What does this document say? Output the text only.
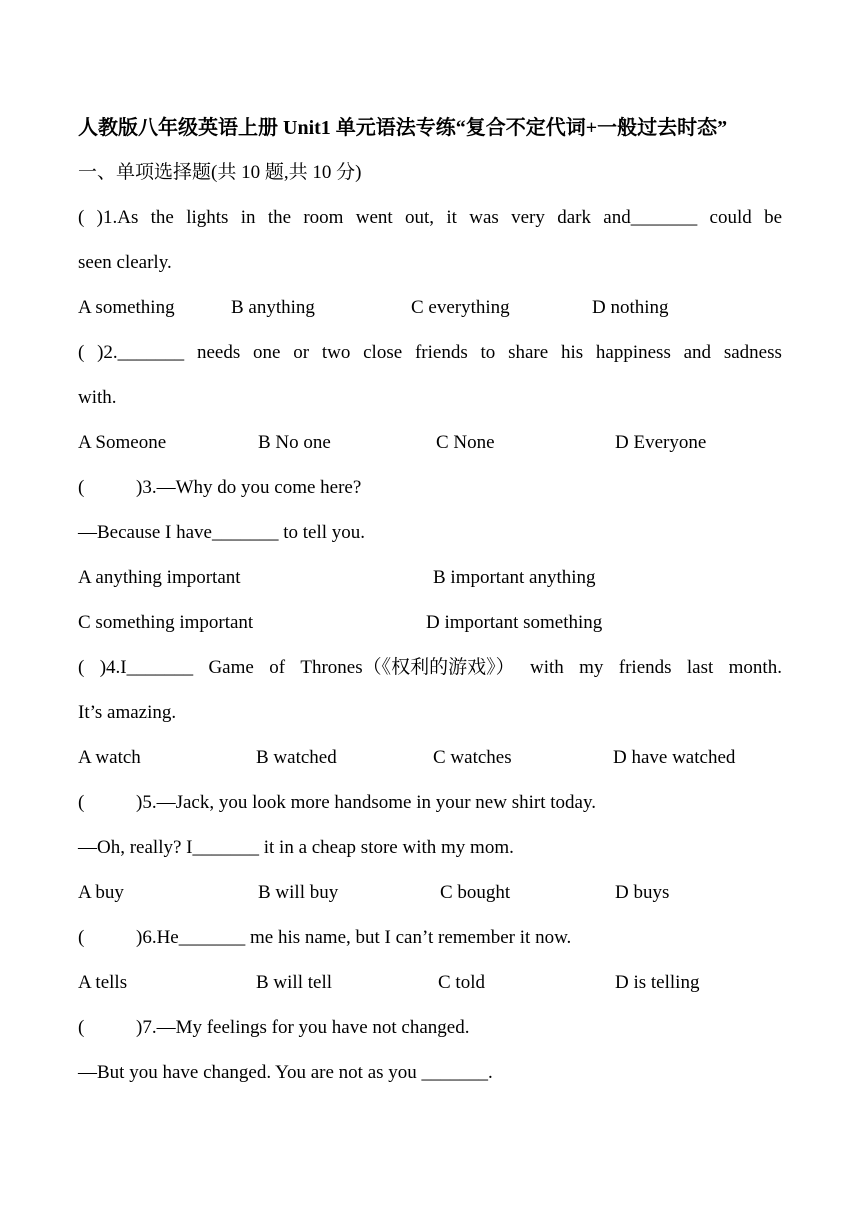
人教版八年级英语上册 Unit1 单元语法专练“复合不定代词+一般过去时态”
一、单项选择题(共 10 题,共 10 分)
( )1.As the lights in the room went out, it was very dark and_______ could be
seen clearly.
A something	B anything	C everything	D nothing
( )2._______ needs one or two close friends to share his happiness and sadness
with.
A Someone	B No one	C None	D Everyone
(	)3.—Why do you come here?
—Because I have_______ to tell you.
A anything important	B important anything
C something important	D important something
( )4.I_______ Game of Thrones（《权利的游戏》） with my friends last month.
It’s amazing.
A watch	B watched	C watches	D have watched
(	)5.—Jack, you look more handsome in your new shirt today.
—Oh, really? I_______ it in a cheap store with my mom.
A buy	B will buy	C bought	D buys
(	)6.He_______ me his name, but I can’t remember it now.
A tells	B will tell	C told	D is telling
(	)7.—My feelings for you have not changed.
—But you have changed. You are not as you _______.
